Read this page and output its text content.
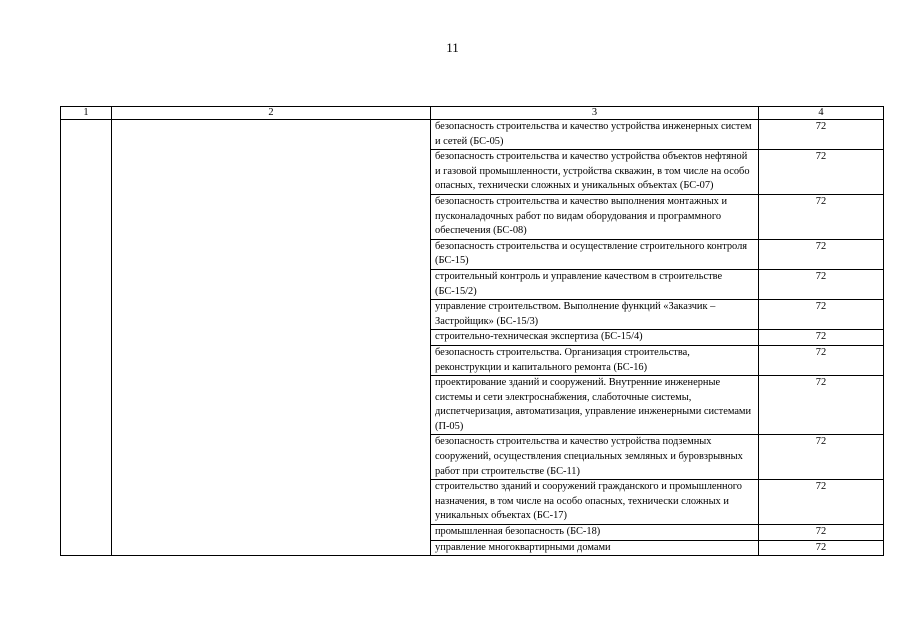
11
1	2	3	4
		безопасность строительства и качество устройства инженерных систем и сетей (БС-05)	72
		безопасность строительства и качество устройства объектов нефтяной и газовой промышленности, устройства скважин, в том числе на особо опасных, технически сложных и уникальных объектах (БС-07)	72
		безопасность строительства и качество выполнения монтажных и пусконаладочных работ по видам оборудования и программного обеспечения (БС-08)	72
		безопасность строительства и осуществление строительного контроля (БС-15)	72
		строительный контроль и управление качеством в строительстве (БС-15/2)	72
		управление строительством. Выполнение функций «Заказчик – Застройщик» (БС-15/3)	72
		строительно-техническая экспертиза (БС-15/4)	72
		безопасность строительства. Организация строительства, реконструкции и капитального ремонта (БС-16)	72
		проектирование зданий и сооружений. Внутренние инженерные системы и сети электроснабжения, слаботочные системы, диспетчеризация, автоматизация, управление инженерными системами (П-05)	72
		безопасность строительства и качество устройства подземных сооружений, осуществления специальных земляных и буровзрывных работ при строительстве (БС-11)	72
		строительство зданий и сооружений гражданского и промышленного назначения, в том числе на особо опасных, технически сложных и уникальных объектах (БС-17)	72
		промышленная безопасность (БС-18)	72
		управление многоквартирными домами	72
